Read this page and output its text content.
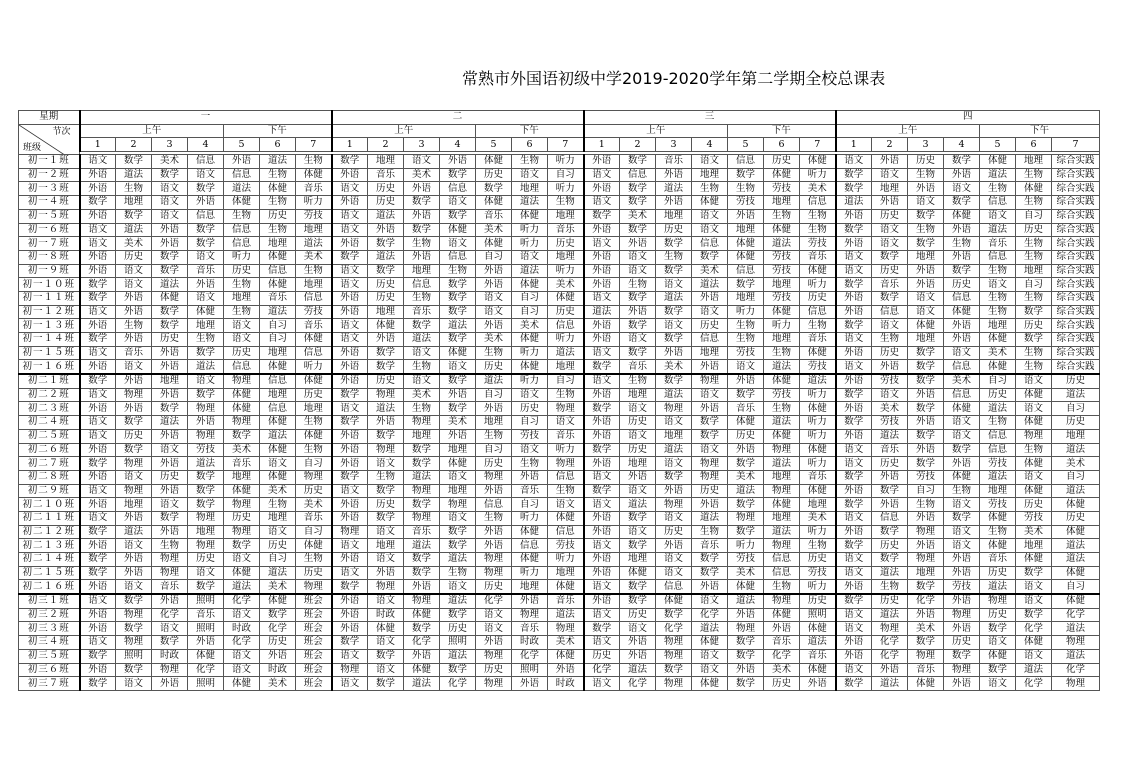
常熟市外国语初级中学2019-2020学年第二学期全校总课表
星期	一							二							三							四						

节次
班级	上午				下午			上午				下午			上午				下午			上午				下午		
	1	2	3	4	5	6	7	1	2	3	4	5	6	7	1	2	3	4	5	6	7	1	2	3	4	5	6	7

初一１班	语文	数学	美术	信息	外语	道法	生物	数学	地理	语文	外语	体健	生物	听力	外语	数学	音乐	语文	信息	历史	体健	语文	外语	历史	数学	体健	地理	综合实践
初一２班	外语	道法	数学	语文	信息	生物	体健	外语	音乐	美术	数学	历史	语文	自习	语文	信息	外语	地理	数学	体健	听力	数学	语文	生物	外语	道法	生物	综合实践
初一３班	外语	生物	语文	数学	道法	体健	音乐	语文	历史	外语	信息	数学	地理	听力	外语	数学	道法	生物	生物	劳技	美术	数学	地理	外语	语文	生物	体健	综合实践
初一４班	数学	地理	语文	外语	体健	生物	听力	外语	历史	数学	语文	体健	道法	生物	语文	数学	外语	体健	劳技	地理	信息	道法	外语	语文	数学	信息	生物	综合实践
初一５班	外语	数学	语文	信息	生物	历史	劳技	语文	道法	外语	数学	音乐	体健	地理	数学	美术	地理	语文	外语	生物	生物	外语	历史	数学	体健	语文	自习	综合实践
初一６班	语文	道法	外语	数学	信息	生物	地理	语文	外语	数学	体健	美术	听力	音乐	外语	数学	历史	语文	地理	体健	生物	数学	语文	生物	外语	道法	历史	综合实践
初一７班	语文	美术	外语	数学	信息	地理	道法	外语	数学	生物	语文	体健	听力	历史	语文	外语	数学	信息	体健	道法	劳技	外语	语文	数学	生物	音乐	生物	综合实践
初一８班	外语	历史	数学	语文	听力	体健	美术	数学	道法	外语	信息	自习	语文	地理	外语	语文	生物	数学	体健	劳技	音乐	语文	数学	地理	外语	信息	生物	综合实践
初一９班	外语	语文	数学	音乐	历史	信息	生物	语文	数学	地理	生物	外语	道法	听力	外语	语文	数学	美术	信息	劳技	体健	语文	历史	外语	数学	生物	地理	综合实践
初一１０班	数学	语文	道法	外语	生物	体健	地理	语文	历史	信息	数学	外语	体健	美术	外语	生物	语文	道法	数学	地理	听力	数学	音乐	外语	历史	语文	自习	综合实践
初一１１班	数学	外语	体健	语文	地理	音乐	信息	外语	历史	生物	数学	语文	自习	体健	语文	数学	道法	外语	地理	劳技	历史	外语	数学	语文	信息	生物	生物	综合实践
初一１２班	语文	外语	数学	体健	生物	道法	劳技	外语	地理	音乐	数学	语文	自习	历史	道法	外语	数学	语文	听力	体健	信息	外语	信息	语文	体健	生物	数学	综合实践
初一１３班	外语	生物	数学	地理	语文	自习	音乐	语文	体健	数学	道法	外语	美术	信息	外语	数学	语文	历史	生物	听力	生物	数学	语文	体健	外语	地理	历史	综合实践
初一１４班	数学	外语	历史	生物	语文	自习	体健	语文	外语	道法	数学	美术	体健	听力	外语	语文	数学	信息	生物	地理	音乐	语文	生物	地理	外语	体健	数学	综合实践
初一１５班	语文	音乐	外语	数学	历史	地理	信息	外语	数学	语文	体健	生物	听力	道法	语文	数学	外语	地理	劳技	生物	体健	外语	历史	数学	语文	美术	生物	综合实践
初一１６班	外语	语文	外语	道法	信息	体健	听力	外语	数学	生物	语文	历史	体健	地理	数学	音乐	美术	外语	语文	道法	劳技	语文	外语	数学	信息	体健	生物	综合实践
初二１班	数学	外语	地理	语文	物理	信息	体健	外语	历史	语文	数学	道法	听力	自习	语文	生物	数学	物理	外语	体健	道法	外语	劳技	数学	美术	自习	语文	历史
初二２班	语文	物理	外语	数学	体健	地理	历史	数学	物理	美术	外语	自习	语文	生物	外语	地理	道法	语文	数学	劳技	听力	数学	语文	外语	信息	历史	体健	道法
初二３班	外语	外语	数学	物理	体健	信息	地理	语文	道法	生物	数学	外语	历史	物理	数学	语文	物理	外语	音乐	生物	体健	外语	美术	数学	体健	道法	语文	自习
初二４班	语文	数学	道法	外语	物理	体健	生物	数学	外语	物理	美术	地理	自习	语文	外语	历史	语文	数学	体健	道法	听力	数学	劳技	外语	语文	生物	体健	历史
初二５班	语文	历史	外语	物理	数学	道法	体健	外语	数学	地理	外语	生物	劳技	音乐	外语	语文	地理	数学	历史	体健	听力	外语	道法	数学	语文	信息	物理	地理
初二６班	外语	数学	语文	劳技	美术	体健	生物	外语	物理	数学	地理	自习	语文	听力	数学	历史	道法	语文	外语	物理	体健	语文	音乐	外语	数学	信息	生物	道法
初二７班	数学	物理	外语	道法	音乐	语文	自习	外语	语文	数学	体健	历史	生物	物理	外语	地理	语文	物理	数学	道法	听力	语文	历史	数学	外语	劳技	体健	美术
初二８班	外语	语文	历史	数学	地理	体健	物理	数学	生物	道法	语文	物理	外语	信息	语文	外语	数学	物理	美术	地理	音乐	数学	外语	劳技	体健	道法	语文	自习
初二９班	语文	物理	外语	数学	体健	美术	历史	语文	数学	物理	地理	外语	音乐	生物	数学	语文	外语	历史	道法	物理	体健	外语	数学	自习	生物	地理	体健	道法
初二１０班	外语	地理	语文	数学	物理	生物	美术	外语	历史	数学	物理	信息	自习	语文	语文	道法	物理	外语	数学	体健	地理	数学	外语	生物	语文	劳技	历史	体健
初二１１班	语文	外语	数学	物理	历史	地理	音乐	外语	数学	物理	语文	生物	听力	体健	外语	数学	语文	道法	物理	地理	美术	语文	信息	外语	数学	体健	劳技	历史
初二１２班	数学	道法	外语	地理	物理	语文	自习	物理	语文	音乐	数学	外语	体健	信息	外语	语文	历史	生物	数学	道法	听力	外语	数学	物理	语文	生物	美术	体健
初二１３班	外语	语文	生物	物理	数学	历史	体健	语文	地理	道法	数学	外语	信息	劳技	语文	数学	外语	音乐	听力	物理	生物	数学	历史	外语	语文	体健	地理	道法
初二１４班	数学	外语	物理	历史	语文	自习	生物	外语	语文	数学	道法	物理	体健	听力	外语	地理	语文	数学	劳技	信息	历史	语文	数学	物理	外语	音乐	体健	道法
初二１５班	数学	外语	物理	语文	体健	道法	历史	语文	外语	数学	生物	物理	听力	地理	外语	体健	语文	数学	美术	信息	劳技	语文	道法	地理	外语	历史	数学	体健
初二１６班	外语	语文	音乐	数学	道法	美术	物理	数学	物理	外语	语文	历史	地理	体健	语文	数学	信息	外语	体健	生物	听力	外语	生物	数学	劳技	道法	语文	自习
初三１班	语文	数学	外语	照明	化学	体健	班会	外语	语文	物理	道法	化学	外语	音乐	外语	数学	体健	语文	道法	物理	历史	数学	历史	化学	外语	物理	语文	体健
初三２班	外语	物理	化学	音乐	语文	数学	班会	外语	时政	体健	数学	语文	物理	道法	语文	历史	数学	化学	外语	体健	照明	语文	道法	外语	物理	历史	数学	化学
初三３班	外语	数学	语文	照明	时政	化学	班会	外语	体健	数学	历史	语文	音乐	物理	数学	语文	化学	道法	物理	外语	体健	语文	物理	美术	外语	数学	化学	道法
初三４班	语文	物理	数学	外语	化学	历史	班会	数学	语文	化学	照明	外语	时政	美术	语文	外语	物理	体健	数学	音乐	道法	外语	化学	数学	历史	语文	体健	物理
初三５班	数学	照明	时政	体健	语文	外语	班会	语文	数学	外语	道法	物理	化学	体健	历史	外语	物理	语文	数学	化学	音乐	外语	化学	物理	数学	体健	语文	道法
初三６班	外语	数学	物理	化学	语文	时政	班会	物理	语文	体健	数学	历史	照明	外语	化学	道法	数学	语文	外语	美术	体健	语文	外语	音乐	物理	数学	道法	化学
初三７班	数学	语文	外语	照明	体健	美术	班会	语文	数学	道法	化学	物理	外语	时政	语文	化学	物理	体健	数学	历史	外语	数学	道法	体健	外语	语文	化学	物理
